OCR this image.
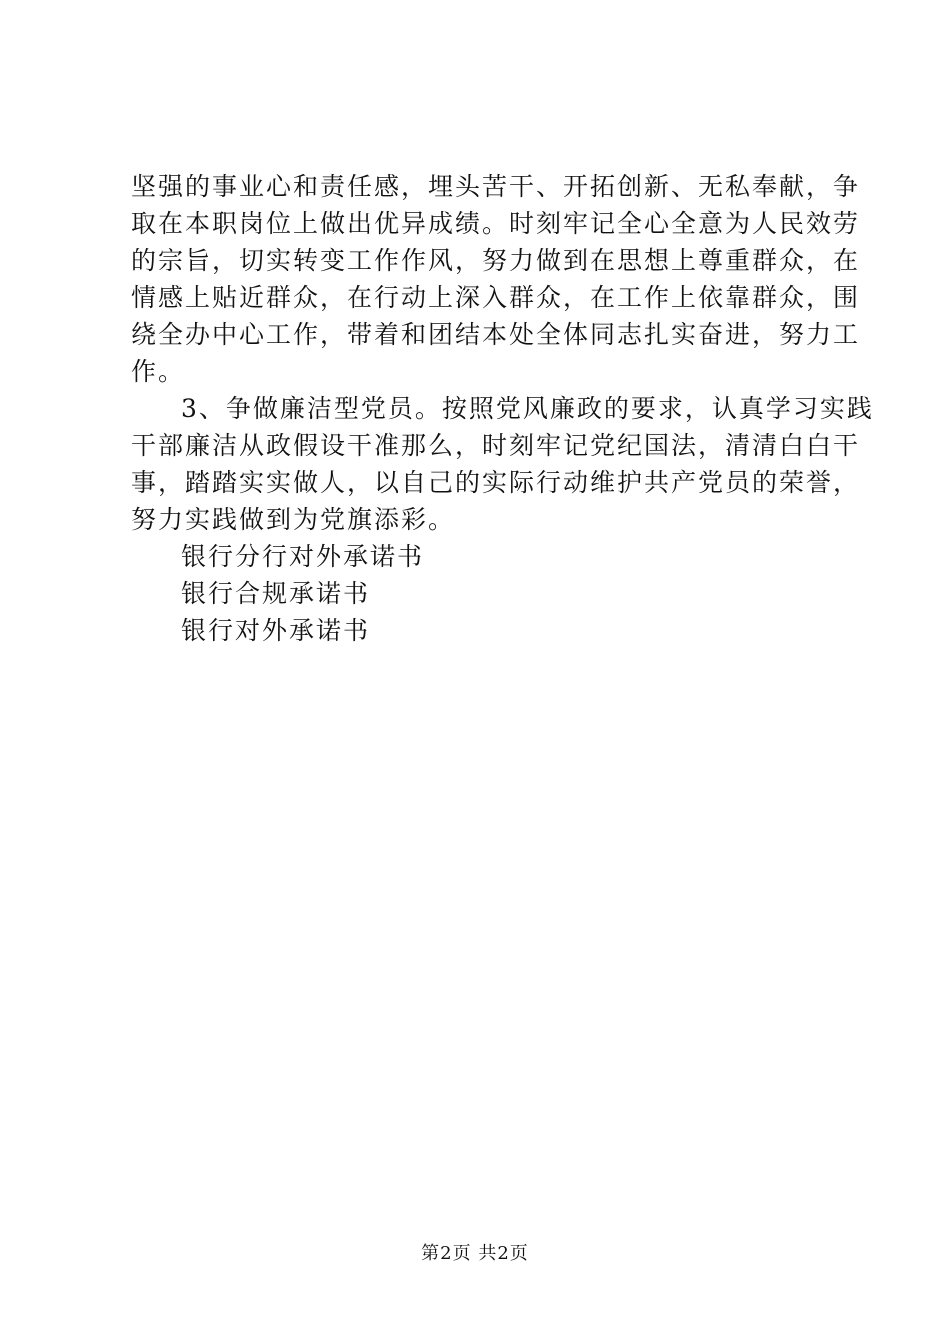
坚强的事业心和责任感，埋头苦干、开拓创新、无私奉献，争
取在本职岗位上做出优异成绩。时刻牢记全心全意为人民效劳
的宗旨，切实转变工作作风，努力做到在思想上尊重群众，在
情感上贴近群众，在行动上深入群众，在工作上依靠群众，围
绕全办中心工作，带着和团结本处全体同志扎实奋进，努力工
作。
3、争做廉洁型党员。按照党风廉政的要求，认真学习实践
干部廉洁从政假设干准那么，时刻牢记党纪国法，清清白白干
事，踏踏实实做人，以自己的实际行动维护共产党员的荣誉，
努力实践做到为党旗添彩。
银行分行对外承诺书
银行合规承诺书
银行对外承诺书
第2页 共2页
